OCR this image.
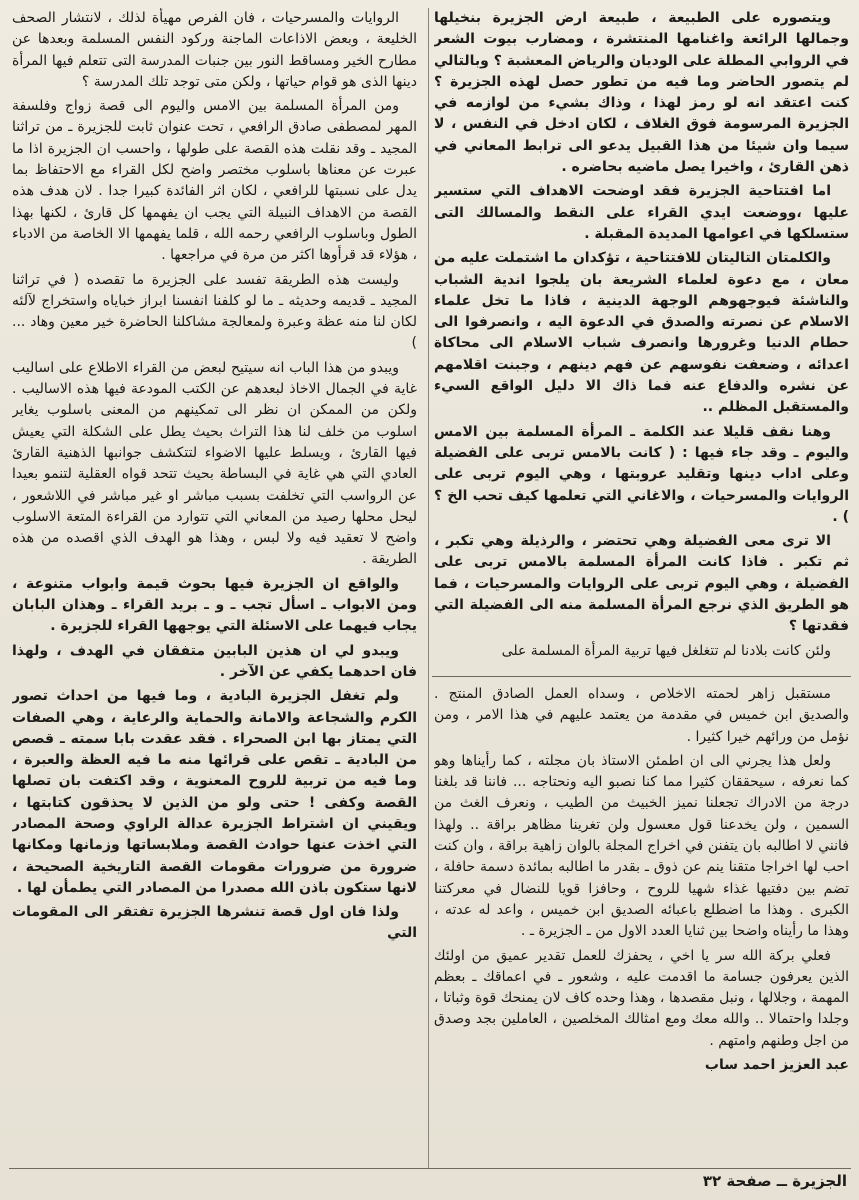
ويتصوره على الطبيعة ، طبيعة ارض الجزيرة بنخيلها وجمالها الرائعة واغنامها المنتشرة ، ومضارب بيوت الشعر في الروابي المطلة على الوديان والرياض المعشبة ؟ وبالتالي لم يتصور الحاضر وما فيه من تطور حصل لهذه الجزيرة ؟ كنت اعتقد انه لو رمز لهذا ، وذاك بشيء من لوازمه في الجزيرة المرسومة فوق الغلاف ، لكان ادخل في النفس ، لا سيما وان شيئا من هذا القبيل يدعو الى ترابط المعاني في ذهن القارئ ، واخيرا يصل ماضيه بحاضره .

اما افتتاحية الجزيرة فقد اوضحت الاهداف التي ستسير عليها ،ووضعت ايدي القراء على النقط والمسالك التى ستسلكها في اعوامها المديدة المقبلة .

والكلمتان التاليتان للافتتاحية ، تؤكدان ما اشتملت عليه من معان ، مع دعوة لعلماء الشريعة بان يلجوا اندية الشباب والناشئة فيوجهوهم الوجهة الدينية ، فاذا ما تخل علماء الاسلام عن نصرته والصدق في الدعوة اليه ، وانصرفوا الى حطام الدنيا وغرورها وانصرف شباب الاسلام الى محاكاة اعدائه ، وضعفت نفوسهم عن فهم دينهم ، وجبنت اقلامهم عن نشره والدفاع عنه فما ذاك الا دليل الواقع السيء والمستقبل المظلم ..

وهنا نقف قليلا عند الكلمة ـ المرأة المسلمة بين الامس واليوم ـ وقد جاء فيها : ( كانت بالامس تربى على الفضيلة وعلى اداب دينها وتقليد عروبتها ، وهي اليوم تربى على الروايات والمسرحيات ، والاغاني التي تعلمها كيف تحب الخ ؟ ) .

الا ترى معى الفضيلة وهي تحتضر ، والرذيلة وهي تكبر ، ثم تكبر . فاذا كانت المرأة المسلمة بالامس تربى على الفضيلة ، وهي اليوم تربى على الروايات والمسرحيات ، فما هو الطريق الذي نرجع المرأة المسلمة منه الى الفضيلة التي فقدتها ؟

ولئن كانت بلادنا لم تتغلغل فيها تربية المرأة المسلمة على

مستقبل زاهر لحمته الاخلاص ، وسداه العمل الصادق المنتج . والصديق ابن خميس في مقدمة من يعتمد عليهم في هذا الامر ، ومن نؤمل من ورائهم خيرا كثيرا .

ولعل هذا يجرني الى ان اطمئن الاستاذ بان مجلته ، كما رأيناها وهو كما نعرفه ، سيحققان كثيرا مما كنا نصبو اليه ونحتاجه ... فاننا قد بلغنا درجة من الادراك تجعلنا نميز الخبيث من الطيب ، ونعرف الغث من السمين ، ولن يخدعنا قول معسول ولن تغرينا مظاهر براقة .. ولهذا فانني لا اطالبه بان يتفنن في اخراج المجلة بالوان زاهية براقة ، وان كنت احب لها اخراجا متقنا ينم عن ذوق ـ بقدر ما اطالبه بمائدة دسمة حافلة ، تضم بين دفتيها غذاء شهيا للروح ، وحافزا قويا للنضال في معركتنا الكبرى . وهذا ما اضطلع باعبائه الصديق ابن خميس ، واعد له عدته ، وهذا ما رأيناه واضحا بين ثنايا العدد الاول من ـ الجزيرة ـ .

فعلي بركة الله سر يا اخي ، يحفزك للعمل تقدير عميق من اولئك الذين يعرفون جسامة ما اقدمت عليه ، وشعور ـ في اعماقك ـ بعظم المهمة ، وجلالها ، ونبل مقصدها ، وهذا وحده كاف لان يمنحك قوة وثباتا ، وجلدا واحتمالا .. والله معك ومع امثالك المخلصين ، العاملين بجد وصدق من اجل وطنهم وامتهم .

عبد العزيز احمد ساب

الروايات والمسرحيات ، فان الفرص مهيأة لذلك ، لانتشار الصحف الخليعة ، وبعض الاذاعات الماجنة وركود النفس المسلمة وبعدها عن مطارح الخير ومساقط النور بين جنبات المدرسة التى تتعلم فيها المرأة دينها الذى هو قوام حياتها ، ولكن متى توجد تلك المدرسة ؟

ومن المرأة المسلمة بين الامس واليوم الى قصة زواج وفلسفة المهر لمصطفى صادق الرافعي ، تحت عنوان ثابت للجزيرة ـ من تراثنا المجيد ـ وقد نقلت هذه القصة على طولها ، واحسب ان الجزيرة اذا ما عبرت عن معناها باسلوب مختصر واضح لكل القراء مع الاحتفاظ بما يدل على نسبتها للرافعي ، لكان اثر الفائدة كبيرا جدا . لان هدف هذه القصة من الاهداف النبيلة التي يجب ان يفهمها كل قارئ ، لكنها بهذا الطول وباسلوب الرافعي رحمه الله ، قلما يفهمها الا الخاصة من الادباء ، هؤلاء قد قرأوها اكثر من مرة في مراجعها .

وليست هذه الطريقة تفسد على الجزيرة ما تقصده ( في تراثنا المجيد ـ قديمه وحديثه ـ ما لو كلفنا انفسنا ابراز خباياه واستخراج لآلئه لكان لنا منه عظة وعبرة ولمعالجة مشاكلنا الحاضرة خير معين وهاد ... )

ويبدو من هذا الباب انه سيتيح لبعض من القراء الاطلاع على اساليب غاية في الجمال الاخاذ لبعدهم عن الكتب المودعة فيها هذه الاساليب . ولكن من الممكن ان نظر الى تمكينهم من المعنى باسلوب يغاير اسلوب من خلف لنا هذا التراث بحيث يطل على الشكلة التي يعيش فيها القارئ ، ويسلط عليها الاضواء لتتكشف جوانبها الذهنية القارئ العادي التي هي غاية في البساطة بحيث تتحد قواه العقلية لتنمو بعيدا عن الرواسب التي تخلفت بسبب مباشر او غير مباشر في اللاشعور ، ليحل محلها رصيد من المعاني التي تتوارد من القراءة المتعة الاسلوب واضح لا تعقيد فيه ولا لبس ، وهذا هو الهدف الذي اقصده من هذه الطريقة .

والواقع ان الجزيرة فيها بحوث قيمة وابواب متنوعة ، ومن الابواب ـ اسأل تجب ـ و ـ بريد القراء ـ وهذان البابان يجاب فيهما على الاسئلة التي يوجهها القراء للجزيرة .

ويبدو لي ان هذين البابين متفقان في الهدف ، ولهذا فان احدهما يكفي عن الآخر .

ولم تغفل الجزيرة البادية ، وما فيها من احداث تصور الكرم والشجاعة والامانة والحماية والرعاية ، وهي الصفات التي يمتاز بها ابن الصحراء . فقد عقدت بابا سمته ـ قصص من البادية ـ تقص على قرائها منه ما فيه العظة والعبرة ، وما فيه من تربية للروح المعنوية ، وقد اكتفت بان تصلها القصة وكفى ! حتى ولو من الذين لا يحذقون كتابتها ، ويقيني ان اشتراط الجزيرة عدالة الراوي وصحة المصادر التي اخذت عنها حوادث القصة وملابساتها وزمانها ومكانها ضرورة من ضرورات مقومات القصة التاريخية الصحيحة ، لانها ستكون باذن الله مصدرا من المصادر التي يطمأن لها .

ولذا فان اول قصة تنشرها الجزيرة تفتقر الى المقومات التي

الجزيرة ــ صفحة ٣٢
